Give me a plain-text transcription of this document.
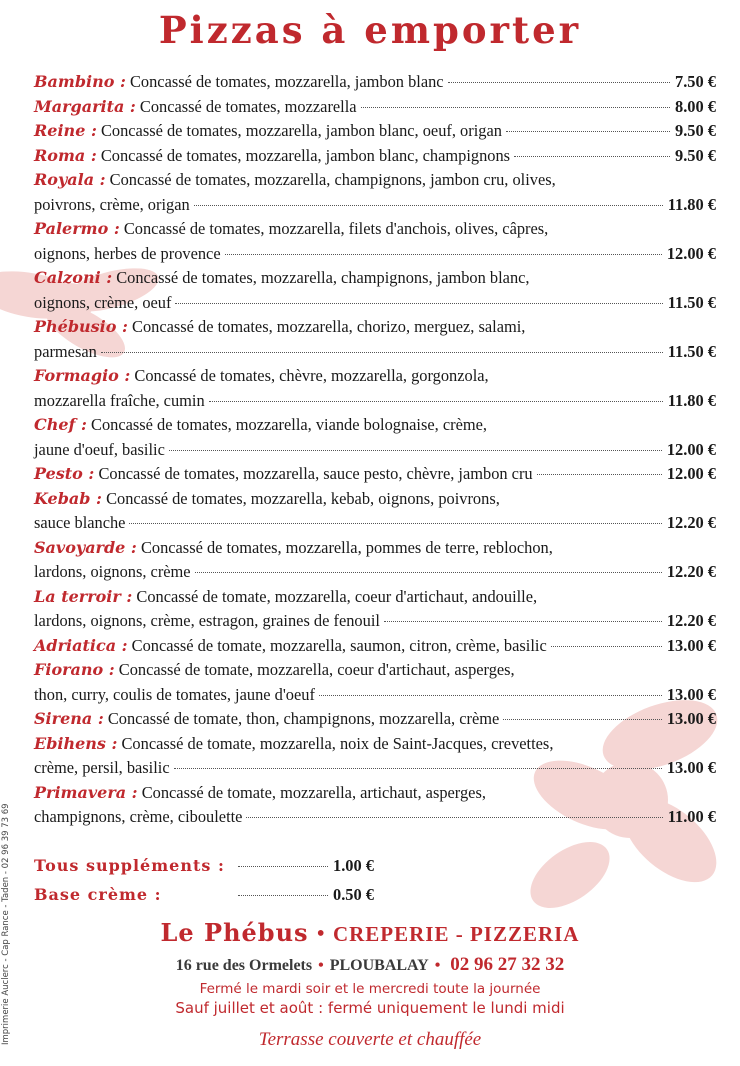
Pizzas à emporter
Bambino : Concassé de tomates, mozzarella, jambon blanc	7.50 €
Margarita : Concassé de tomates, mozzarella	8.00 €
Reine : Concassé de tomates, mozzarella, jambon blanc, oeuf, origan	9.50 €
Roma : Concassé de tomates, mozzarella, jambon blanc, champignons	9.50 €
Royala : Concassé de tomates, mozzarella, champignons, jambon cru, olives,
poivrons, crème, origan	11.80 €
Palermo : Concassé de tomates, mozzarella, filets d'anchois, olives, câpres,
oignons, herbes de provence	12.00 €
Calzoni : Concassé de tomates, mozzarella, champignons, jambon blanc,
oignons, crème, oeuf	11.50 €
Phébusio : Concassé de tomates, mozzarella, chorizo, merguez, salami,
parmesan	11.50 €
Formagio : Concassé de tomates, chèvre, mozzarella, gorgonzola,
mozzarella fraîche, cumin	11.80 €
Chef : Concassé de tomates, mozzarella, viande bolognaise, crème,
jaune d'oeuf, basilic	12.00 €
Pesto : Concassé de tomates, mozzarella, sauce pesto, chèvre, jambon cru	12.00 €
Kebab : Concassé de tomates, mozzarella, kebab, oignons, poivrons,
sauce blanche	12.20 €
Savoyarde : Concassé de tomates, mozzarella, pommes de terre, reblochon,
lardons, oignons, crème	12.20 €
La terroir : Concassé de tomate, mozzarella, coeur d'artichaut, andouille,
lardons, oignons, crème, estragon, graines de fenouil	12.20 €
Adriatica : Concassé de tomate, mozzarella, saumon, citron, crème, basilic	13.00 €
Fiorano : Concassé de tomate, mozzarella, coeur d'artichaut, asperges,
thon, curry, coulis de tomates, jaune d'oeuf	13.00 €
Sirena : Concassé de tomate, thon, champignons, mozzarella, crème	13.00 €
Ebihens : Concassé de tomate, mozzarella, noix de Saint-Jacques, crevettes,
crème, persil, basilic	13.00 €
Primavera : Concassé de tomate, mozzarella, artichaut, asperges,
champignons, crème, ciboulette	11.00 €
Tous suppléments :	1.00 €
Base crème :	0.50 €
Le Phébus • CREPERIE - PIZZERIA
16 rue des Ormelets • PLOUBALAY • 02 96 27 32 32
Fermé le mardi soir et le mercredi toute la journée
Sauf juillet et août : fermé uniquement le lundi midi
Terrasse couverte et chauffée
Imprimerie Auclerc - Cap Rance - Taden - 02 96 39 73 69
